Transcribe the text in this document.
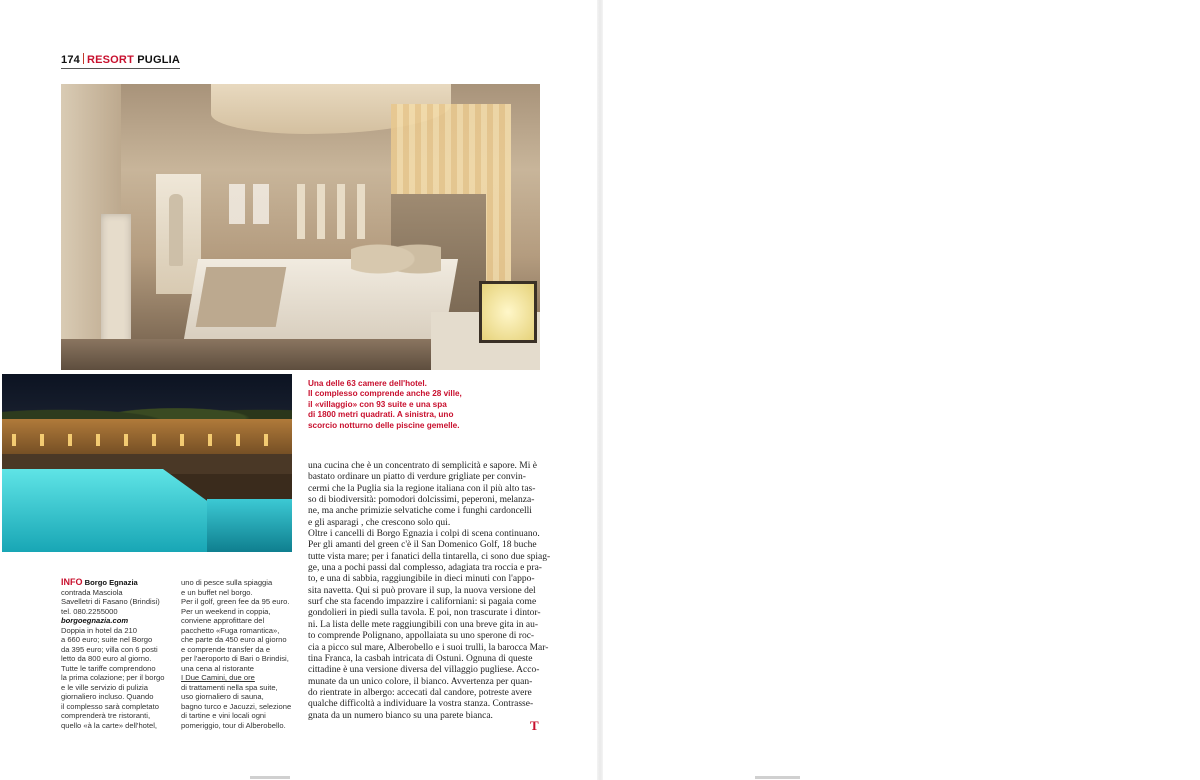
174 RESORT PUGLIA
Una delle 63 camere dell'hotel.
Il complesso comprende anche 28 ville,
il «villaggio» con 93 suite e una spa
di 1800 metri quadrati. A sinistra, uno
scorcio notturno delle piscine gemelle.
INFO Borgo Egnazia
contrada Masciola
Savelletri di Fasano (Brindisi)
tel. 080.2255000
borgoegnazia.com
Doppia in hotel da 210
a 660 euro; suite nel Borgo
da 395 euro; villa con 6 posti
letto da 800 euro al giorno.
Tutte le tariffe comprendono
la prima colazione; per il borgo
e le ville servizio di pulizia
giornaliero incluso. Quando
il complesso sarà completato
comprenderà tre ristoranti,
quello «à la carte» dell'hotel,
uno di pesce sulla spiaggia
e un buffet nel borgo.
Per il golf, green fee da 95 euro.
Per un weekend in coppia,
conviene approfittare del
pacchetto «Fuga romantica»,
che parte da 450 euro al giorno
e comprende transfer da e
per l'aeroporto di Bari o Brindisi,
una cena al ristorante
I Due Camini, due ore
di trattamenti nella spa suite,
uso giornaliero di sauna,
bagno turco e Jacuzzi, selezione
di tartine e vini locali ogni
pomeriggio, tour di Alberobello.
una cucina che è un concentrato di semplicità e sapore. Mi è
bastato ordinare un piatto di verdure grigliate per convin-
cermi che la Puglia sia la regione italiana con il più alto tas-
so di biodiversità: pomodori dolcissimi, peperoni, melanza-
ne, ma anche primizie selvatiche come i funghi cardoncelli
e gli asparagi , che crescono solo qui.
Oltre i cancelli di Borgo Egnazia i colpi di scena continuano.
Per gli amanti del green c'è il San Domenico Golf, 18 buche
tutte vista mare; per i fanatici della tintarella, ci sono due spiag-
ge, una a pochi passi dal complesso, adagiata tra roccia e pra-
to, e una di sabbia, raggiungibile in dieci minuti con l'appo-
sita navetta. Qui si può provare il sup, la nuova versione del
surf che sta facendo impazzire i californiani: si pagaia come
gondolieri in piedi sulla tavola. E poi, non trascurate i dintor-
ni. La lista delle mete raggiungibili con una breve gita in au-
to comprende Polignano, appollaiata su uno sperone di roc-
cia a picco sul mare, Alberobello e i suoi trulli, la barocca Mar-
tina Franca, la casbah intricata di Ostuni. Ognuna di queste
cittadine è una versione diversa del villaggio pugliese. Acco-
munate da un unico colore, il bianco. Avvertenza per quan-
do rientrate in albergo: accecati dal candore, potreste avere
qualche difficoltà a individuare la vostra stanza. Contrasse-
gnata da un numero bianco su una parete bianca.
T
